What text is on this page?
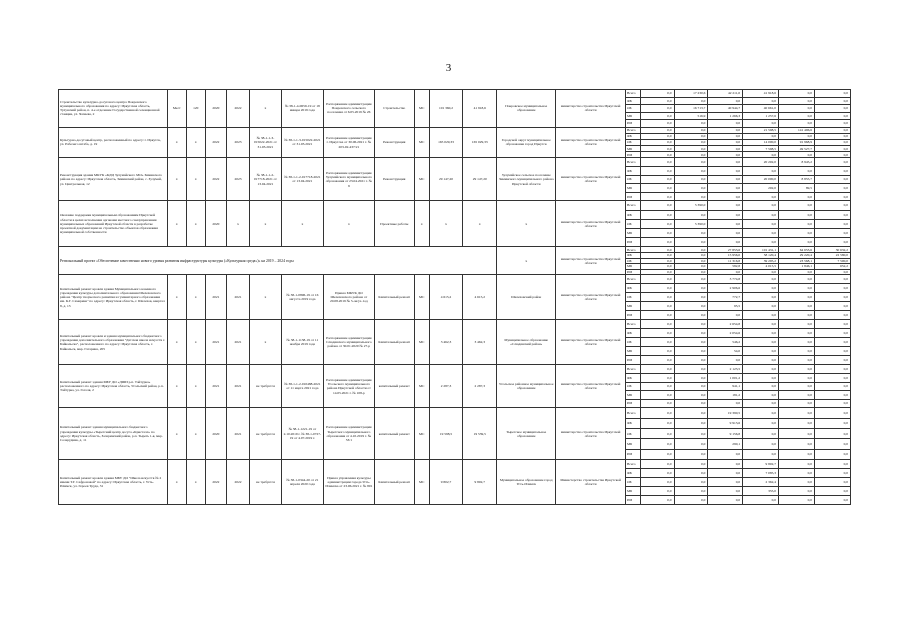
3
Строительство культурно-досугового центра Покровского муниципального образования по адресу: Иркутская область, Тулунский район, п. 4-е отделение Государственной селекционной станции, ул. Чапаева, 2	Мест	120	2020	2022	х	№ 38-1-4-0659-19 от 18 января 2019 года	Распоряжение администрации Покровского сельского поселения от 6.05.2019 № 26	Строительство	МС	101 360,2	41 918,6	Покровское муниципальное образование	министерство строительства Иркутской области	Всего	0,0	17 230,6	42 211,0	41 918,6	0,0	0,0
														ФБ	0,0	0,0	0,0	0,0	0,0	0,0
														ОБ	0,0	16 713,7	40 944,7	40 661,0	0,0	0,0
														МБ	0,0	516,9	1 266,3	1 257,6	0,0	0,0
														ИИ	0,0	0,0	0,0	0,0	0,0	0,0
Культурно-досуговый центр, расположенный по адресу: г. Иркутск, ул. Рабочего штаба, д. 19	х	х	2022	2023	№ 38-1-1-3-015022-2021 от 31.03.2021	№ 38-1-1-3-015022-2021 от 31.03.2021	Распоряжение администрации г. Иркутска от 30.06.2021 г. № 203-02-437/21	Реконструкция	МС	165 029,33	165 029,33	Городской округ муниципальное образование город Иркутск	министерство строительства Иркутской области	Всего	0,0	0,0	0,0	21 598,5	141 496,6	0,0
														ФБ	0,0	0,0	0,0	0,0	0,0	0,0
														ОБ	0,0	0,0	0,0	14 000,0	91 968,9	0,0
														МБ	0,0	0,0	0,0	7 598,5	49 527,7	0,0
														ИИ	0,0	0,0	0,0	0,0	0,0	0,0
Реконструкция здания МКУК «КДЦ Зулумайского МО» Зиминского района по адресу: Иркутская область, Зиминский район, с. Зулумай, ул. Центральная, 12	х	х	2022	2023	№ 38-1-1-2-017718-2021 от 13.04.2021	№ 38-1-1-2-017718-2021 от 13.04.2021	Распоряжение администрации Зулумайского муниципального образования от 23.04.2021 г. № 9	Реконструкция	МС	29 147,20	29 147,20	Зулумайское сельское поселение Зиминского муниципального района Иркутской области	министерство строительства Иркутской области	Всего	0,0	0,0	0,0	20 202,0	8 945,2	0,0
														ФБ	0,0	0,0	0,0	0,0	0,0	0,0
														ОБ	0,0	0,0	0,0	20 000,0	8 855,7	0,0
														МБ	0,0	0,0	0,0	202,0	89,5	0,0
														ИИ	0,0	0,0	0,0	0,0	0,0	0,0
Оказание поддержки муниципальным образованиям Иркутской области в целях исполнения органами местного самоуправления муниципальных образований Иркутской области в разработке проектной документации на строительство объектов образования муниципальной собственности	х	х	2020	х	х	х	х	Проектные работы	х	х	х	х	министерство строительства Иркутской области	Всего	0,0	5 390,0	0,0	0,0	0,0	0,0
														ФБ	0,0	0,0	0,0	0,0	0,0	0,0
														ОБ	0,0	5 390,0	0,0	0,0	0,0	0,0
														МБ	0,0	0,0	0,0	0,0	0,0	0,0
														ИИ	0,0	0,0	0,0	0,0	0,0	0,0
Региональный проект «Обеспечение качественно нового уровня развития инфраструктуры культуры («Культурная среда»)» на 2019 – 2024 годы												х	министерство строительства Иркутской области	Всего	0,0	0,0	27 853,6	101 431,1	64 653,6	30 632,2
														ФБ	0,0	0,0	15 956,0	58 120,4	29 220,4	22 580,0
														ОБ	0,0	0,0	11 316,8	39 295,2	23 568,1	7 500,0
														МБ	0,0	0,0	582,8	4 015,5	1 846,1	652,2
														ИИ	0,0	0,0	0,0	0,0	0,0	0,0
Капитальный ремонт кровли здания Муниципального казенного учреждения культуры дополнительного образования Шелеховского района "Центр творческого развития и гуманитарного образования им. К.Г. Самарина" по адресу: Иркутская область, г. Шелехов, квартал 8, д. 13	х	х	2021	2021	х	№ 38-1-0896-19 от 16 августа 2019 года	Приказ МКУК ДО Шелеховского района от 20.08.2019 № 5-ов/уз-1од	Капитальный ремонт	МС	4 615,2	4 615,2	Шелеховский район	министерство строительства Иркутской области	Всего	0,0	0,0	3 774,8	0,0	0,0	0,0
														ФБ	0,0	0,0	2 906,6	0,0	0,0	0,0
														ОБ	0,0	0,0	772,7	0,0	0,0	0,0
														МБ	0,0	0,0	95,5	0,0	0,0	0,0
														ИИ	0,0	0,0	0,0	0,0	0,0	0,0
Капитальный ремонт кровли и здания муниципального бюджетного учреждения дополнительного образования "Детская школа искусств г. Байкальска", расположенного по адресу: Иркутская область, г. Байкальск, мкр. Гагарина, 205	х	х	2021	2021	х	№ 38-1-1138-19 от 11 ноября 2019 года	Распоряжение администрации Слюдянского муниципального района от 30.01.2020 № 27-р	Капитальный ремонт	МС	3 462,3	3 462,3	Муниципальное образование «Слюдянский район»	министерство строительства Иркутской области	Всего	0,0	0,0	2 654,8	0,0	0,0	0,0
														ФБ	0,0	0,0	2 054,6	0,0	0,0	0,0
														ОБ	0,0	0,0	546,2	0,0	0,0	0,0
														МБ	0,0	0,0	54,0	0,0	0,0	0,0
														ИИ	0,0	0,0	0,0	0,0	0,0	0,0
Капитальный ремонт здания МБУ ДО «ДШИ р.п. Тайтурка» расположенного по адресу: Иркутская область, Усольский район, р.п. Тайтурка, ул. Гоголя, 2	х	х	2021	2021	не требуется	№ 38-1-1-2-010488-2021 от 11 марта 2021 года	Распоряжение администрации Усольского муниципального района Иркутской области от 14.05.2021 г. № 108-р	капитальный ремонт	МС	2 287,3	2 287,3	Усольское районное муниципальное образование	министерство строительства Иркутской области	Всего	0,0	0,0	2 123,5	0,0	0,0	0,0
														ФБ	0,0	0,0	1 001,2	0,0	0,0	0,0
														ОБ	0,0	0,0	941,1	0,0	0,0	0,0
														МБ	0,0	0,0	181,2	0,0	0,0	0,0
														ИИ	0,0	0,0	0,0	0,0	0,0	0,0
Капитальный ремонт здания муниципального бюджетного учреждения культуры «Тыретский центр досуга «Кристалл» по адресу: Иркутская область, Заларинский район, р.п. Тыреть 1-я, мкр. Солерудник, д. 11	х	х	2020	2021	не требуется	№ 38-1-1221-19 от 2.10.2019 г. № 38-1-0727-19 от 4.07.2019 г.	Распоряжение администрации Тыретского муниципального образования от 4.10.2019 г. № 53/1	капитальный ремонт	МС	19 598,5	19 539,5	Тыретское муниципальное образование	министерство строительства Иркутской области	Всего	0,0	0,0	19 390,5	0,0	0,0	0,0
														ФБ	0,0	0,0	9 913,6	0,0	0,0	0,0
														ОБ	0,0	0,0	9 156,8	0,0	0,0	0,0
														МБ	0,0	0,0	290,1	0,0	0,0	0,0
														ИИ	0,0	0,0	0,0	0,0	0,0	0,0
Капитальный ремонт кровли здания МБУ ДО "Школа искусств № 2 имени Т.Г. Сафроновой" по адресу: Иркутская область, г. Усть-Илимск, ул. Героев Труда, 31	х	х	2022	2022	не требуется	№ 38-1-0344-20 от 21 апреля 2020 года	Приказ управления культуры администрации города Усть-Илимска от 23.06.2021 г. № 801	Капитальный ремонт	МС	9 802,7	9 802,7	Муниципальное образование город Усть-Илимск	Министерство строительства Иркутской области	Всего	0,0	0,0	0,0	9 802,7	0,0	0,0
														ФБ	0,0	0,0	0,0	7 085,3	0,0	0,0
														ОБ	0,0	0,0	0,0	2 362,4	0,0	0,0
														МБ	0,0	0,0	0,0	355,0	0,0	0,0
														ИИ	0,0	0,0	0,0	0,0	0,0	0,0
